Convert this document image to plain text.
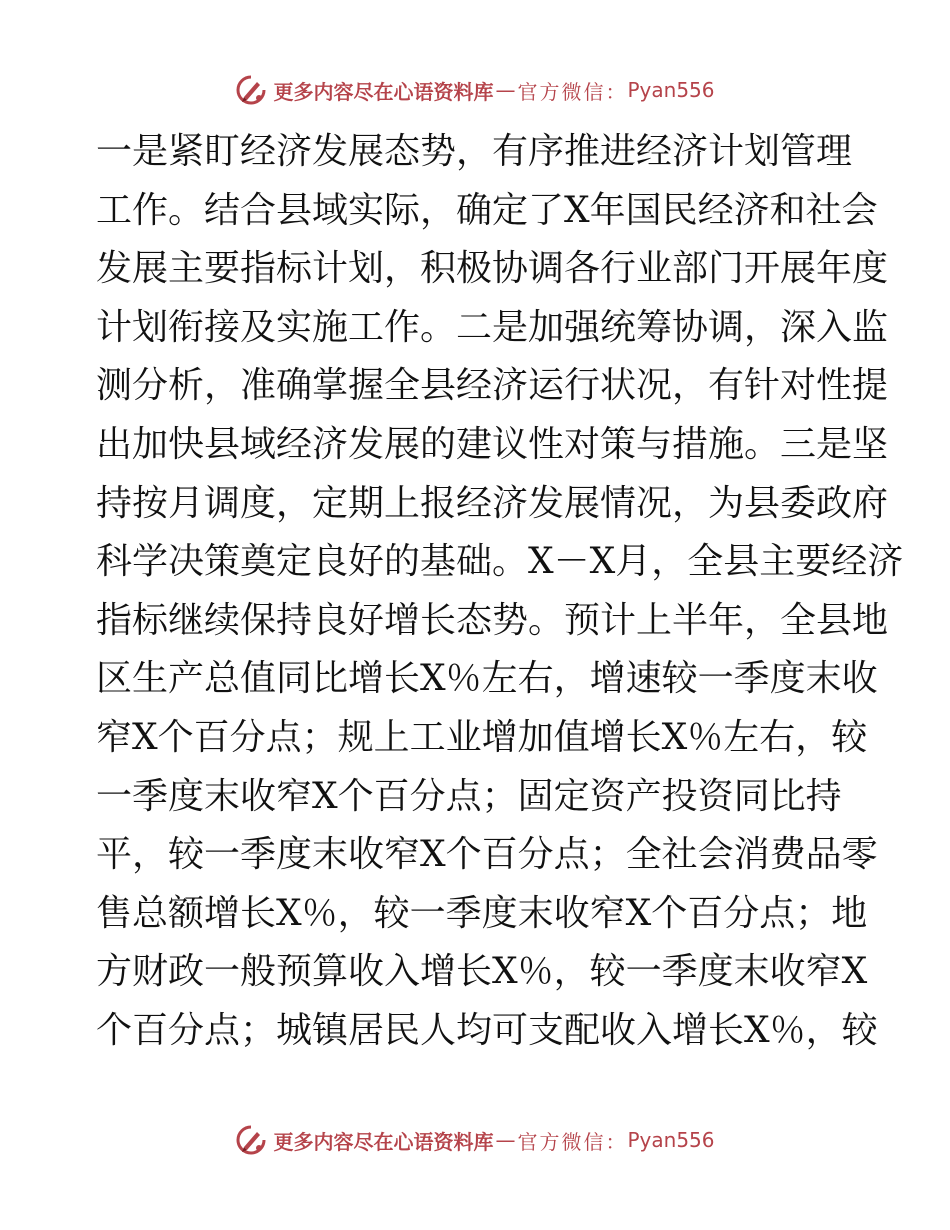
更多内容尽在心语资料库 — 官方微信： Pyan556
一是紧盯经济发展态势，有序推进经济计划管理
工作。结合县域实际，确定了X年国民经济和社会
发展主要指标计划，积极协调各行业部门开展年度
计划衔接及实施工作。二是加强统筹协调，深入监
测分析，准确掌握全县经济运行状况，有针对性提
出加快县域经济发展的建议性对策与措施。三是坚
持按月调度，定期上报经济发展情况，为县委政府
科学决策奠定良好的基础。X－X月，全县主要经济
指标继续保持良好增长态势。预计上半年，全县地
区生产总值同比增长X％左右，增速较一季度末收
窄X个百分点；规上工业增加值增长X％左右，较
一季度末收窄X个百分点；固定资产投资同比持
平，较一季度末收窄X个百分点；全社会消费品零
售总额增长X％，较一季度末收窄X个百分点；地
方财政一般预算收入增长X％，较一季度末收窄X
个百分点；城镇居民人均可支配收入增长X％，较
更多内容尽在心语资料库 — 官方微信： Pyan556
